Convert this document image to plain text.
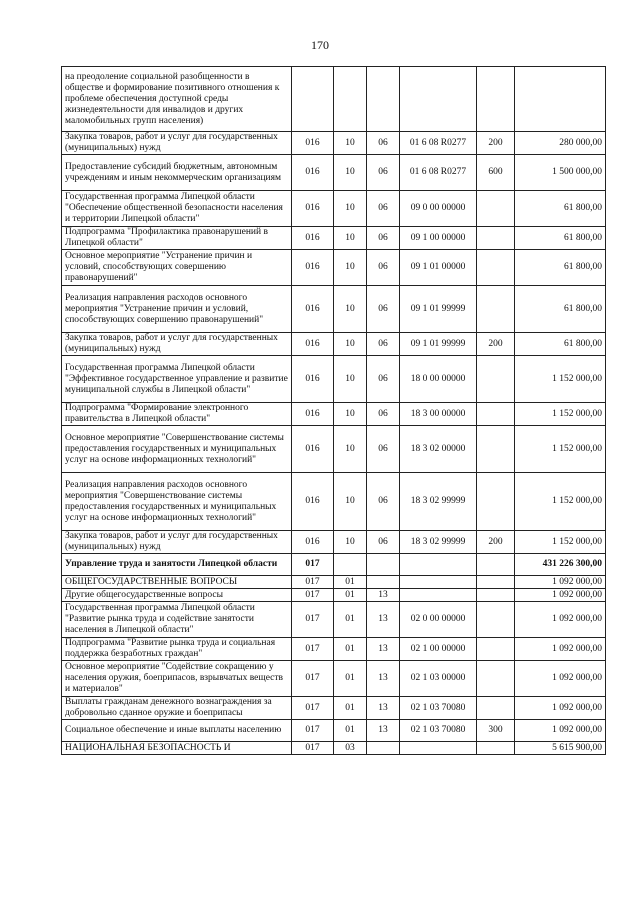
170
на преодоление социальной разобщенности в обществе и формирование позитивного отношения к проблеме обеспечения доступной среды жизнедеятельности для инвалидов и других маломобильных групп населения)						
Закупка товаров, работ и услуг для государственных (муниципальных) нужд	016	10	06	01 6 08 R0277	200	280 000,00
Предоставление субсидий бюджетным, автономным учреждениям и иным некоммерческим организациям	016	10	06	01 6 08 R0277	600	1 500 000,00
Государственная программа Липецкой области "Обеспечение общественной безопасности населения и территории Липецкой области"	016	10	06	09 0 00 00000		61 800,00
Подпрограмма "Профилактика правонарушений в Липецкой области"	016	10	06	09 1 00 00000		61 800,00
Основное мероприятие "Устранение причин и условий, способствующих совершению правонарушений"	016	10	06	09 1 01 00000		61 800,00
Реализация направления расходов основного мероприятия "Устранение причин и условий, способствующих совершению правонарушений"	016	10	06	09 1 01 99999		61 800,00
Закупка товаров, работ и услуг для государственных (муниципальных) нужд	016	10	06	09 1 01 99999	200	61 800,00
Государственная программа Липецкой области "Эффективное государственное управление и развитие муниципальной службы в Липецкой области"	016	10	06	18 0 00 00000		1 152 000,00
Подпрограмма "Формирование электронного правительства в Липецкой области"	016	10	06	18 3 00 00000		1 152 000,00
Основное мероприятие "Совершенствование системы предоставления государственных и муниципальных услуг на основе информационных технологий"	016	10	06	18 3 02 00000		1 152 000,00
Реализация направления расходов основного мероприятия "Совершенствование системы предоставления государственных и муниципальных услуг на основе информационных технологий"	016	10	06	18 3 02 99999		1 152 000,00
Закупка товаров, работ и услуг для государственных (муниципальных) нужд	016	10	06	18 3 02 99999	200	1 152 000,00
Управление труда и занятости Липецкой области	017					431 226 300,00
ОБЩЕГОСУДАРСТВЕННЫЕ ВОПРОСЫ	017	01				1 092 000,00
Другие общегосударственные вопросы	017	01	13			1 092 000,00
Государственная программа Липецкой области "Развитие рынка труда и содействие занятости населения в Липецкой области"	017	01	13	02 0 00 00000		1 092 000,00
Подпрограмма "Развитие рынка труда и социальная поддержка безработных граждан"	017	01	13	02 1 00 00000		1 092 000,00
Основное мероприятие "Содействие сокращению у населения оружия, боеприпасов, взрывчатых веществ и материалов"	017	01	13	02 1 03 00000		1 092 000,00
Выплаты гражданам денежного вознаграждения за добровольно сданное оружие и боеприпасы	017	01	13	02 1 03 70080		1 092 000,00
Социальное обеспечение и иные выплаты населению	017	01	13	02 1 03 70080	300	1 092 000,00
НАЦИОНАЛЬНАЯ БЕЗОПАСНОСТЬ И	017	03				5 615 900,00
